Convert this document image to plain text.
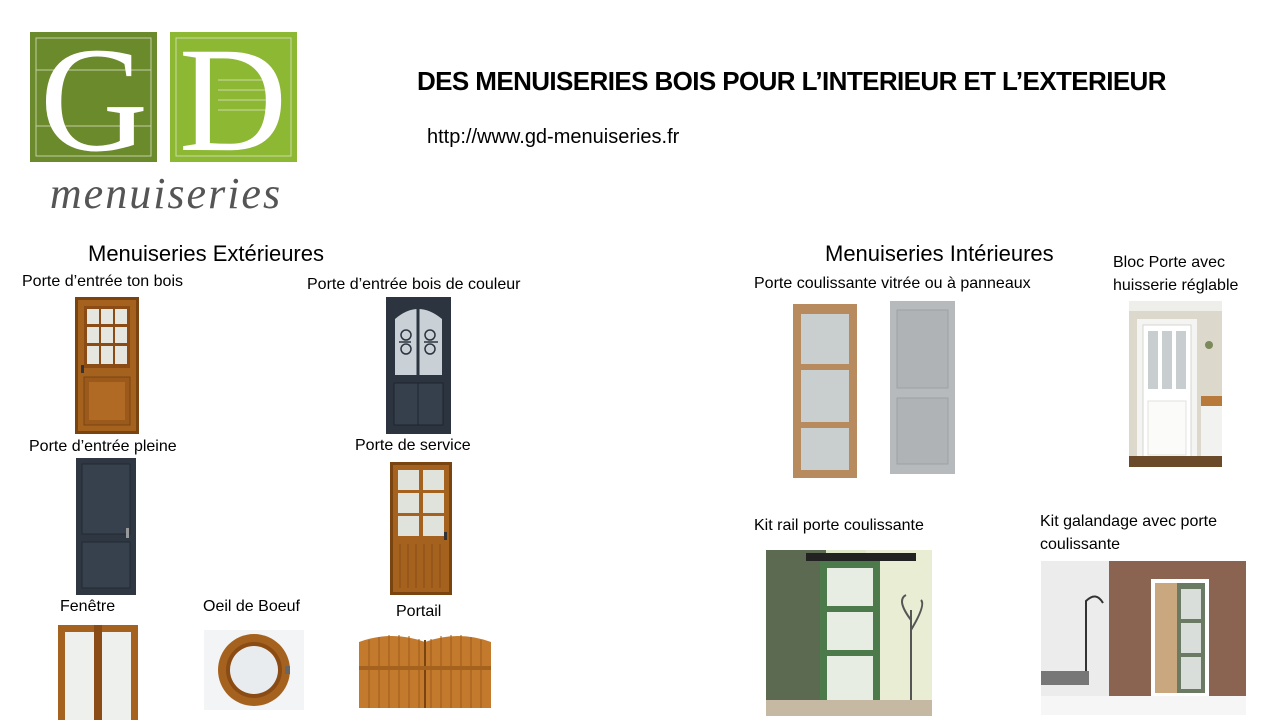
G D
menuiseries
DES MENUISERIES BOIS POUR L’INTERIEUR ET L’EXTERIEUR
http://www.gd-menuiseries.fr
Menuiseries Extérieures	Menuiseries Intérieures
Porte d’entrée ton bois	Porte d’entrée bois de couleur
Porte d’entrée pleine	Porte de service
Fenêtre	Oeil de Boeuf	Portail
Porte coulissante vitrée ou à panneaux
Bloc Porte avec
huisserie réglable
Kit rail porte coulissante	Kit galandage avec porte
coulissante
